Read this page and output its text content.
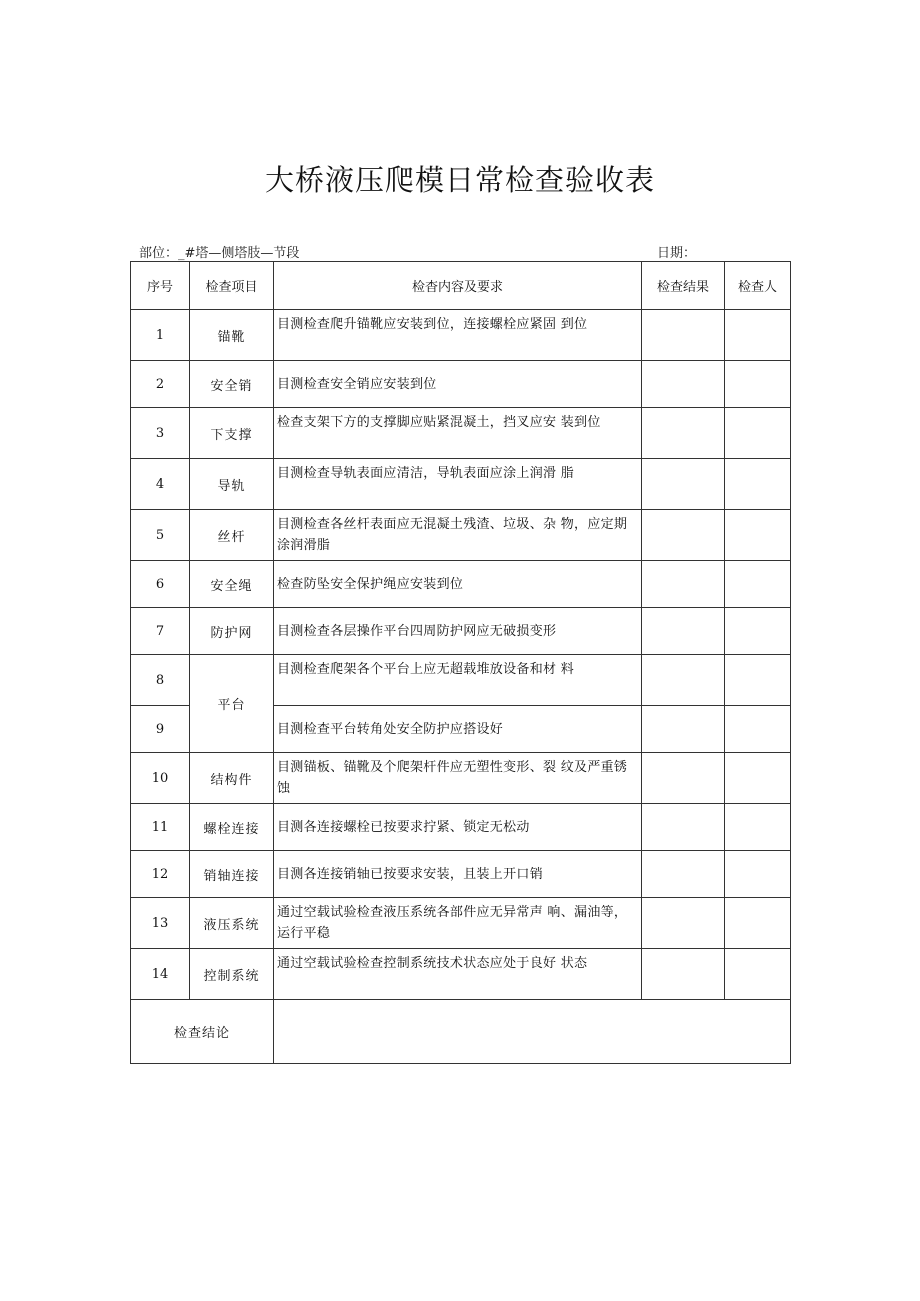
大桥液压爬模日常检查验收表
部位：_#塔—侧塔肢—节段	日期：
序号	检查项目	检杳内容及要求	检查结果	检查人
1	锚靴	目测检查爬升锚靴应安装到位，连接螺栓应紧固 到位		
2	安全销	目测检查安全销应安装到位		
3	下支撑	检查支架下方的支撑脚应贴紧混凝土，挡叉应安 装到位		
4	导轨	目测检查导轨表面应清洁，导轨表面应涂上润滑 脂		
5	丝杆	目测检查各丝杆表面应无混凝土残渣、垃圾、杂 物，应定期涂润滑脂		
6	安全绳	检查防坠安全保护绳应安装到位		
7	防护网	目测检查各层操作平台四周防护网应无破损变形		
8	平台	目测检查爬架各个平台上应无超载堆放设备和材 料		
9		目测检查平台转角处安全防护应搭设好		
10	结构件	目测锚板、锚靴及个爬架杆件应无塑性变形、裂 纹及严重锈蚀		
11	螺栓连接	目测各连接螺栓已按要求拧紧、锁定无松动		
12	销轴连接	目测各连接销轴已按要求安装，且装上开口销		
13	液压系统	通过空载试验检查液压系统各部件应无异常声 响、漏油等，运行平稳		
14	控制系统	通过空载试验检查控制系统技术状态应处于良好 状态		
检查结论				
